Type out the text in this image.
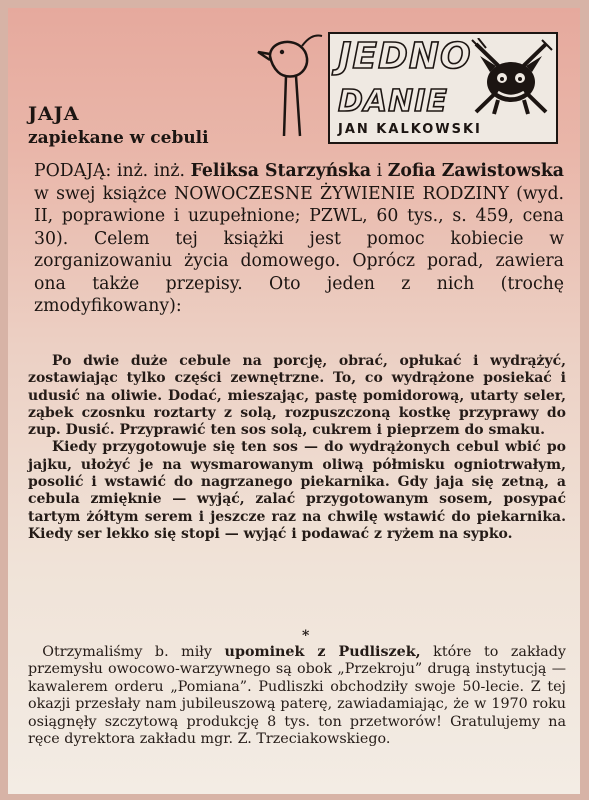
JEDNO
DANIE
JAN KALKOWSKI
JAJA
zapiekane w cebuli
PODAJĄ: inż. inż. Feliksa Starzyńska i Zofia Zawistowska w swej książce NOWOCZESNE ŻYWIENIE RODZINY (wyd. II, poprawione i uzupełnione; PZWL, 60 tys., s. 459, cena 30). Celem tej książki jest pomoc kobiecie w zorganizowaniu życia domowego. Oprócz porad, zawiera ona także przepisy. Oto jeden z nich (trochę zmodyfikowany):

Po dwie duże cebule na porcję, obrać, opłukać i wydrążyć, zostawiając tylko części zewnętrzne. To, co wydrążone posiekać i udusić na oliwie. Dodać, mieszając, pastę pomidorową, utarty seler, ząbek czosnku roztarty z solą, rozpuszczoną kostkę przyprawy do zup. Dusić. Przyprawić ten sos solą, cukrem i pieprzem do smaku.

Kiedy przygotowuje się ten sos — do wydrążonych cebul wbić po jajku, ułożyć je na wysmarowanym oliwą półmisku ogniotrwałym, posolić i wstawić do nagrzanego piekarnika. Gdy jaja się zetną, a cebula zmięknie — wyjąć, zalać przygotowanym sosem, posypać tartym żółtym serem i jeszcze raz na chwilę wstawić do piekarnika. Kiedy ser lekko się stopi — wyjąć i podawać z ryżem na sypko.

*
 Otrzymaliśmy b. miły upominek z Pudliszek, które to zakłady przemysłu owocowo-warzywnego są obok „Przekroju” drugą instytucją — kawalerem orderu „Pomiana”. Pudliszki obchodziły swoje 50-lecie. Z tej okazji przesłały nam jubileuszową paterę, zawiadamiając, że w 1970 roku osiągnęły szczytową produkcję 8 tys. ton przetworów! Gratulujemy na ręce dyrektora zakładu mgr. Z. Trzeciakowskiego.
